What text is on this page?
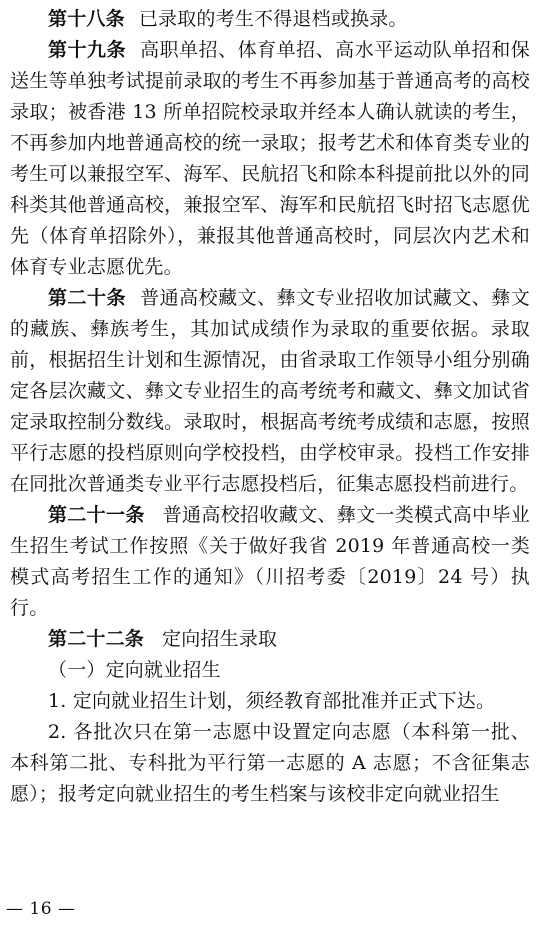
第十八条 已录取的考生不得退档或换录。

第十九条 高职单招、体育单招、高水平运动队单招和保送生等单独考试提前录取的考生不再参加基于普通高考的高校录取；被香港 13 所单招院校录取并经本人确认就读的考生，不再参加内地普通高校的统一录取；报考艺术和体育类专业的考生可以兼报空军、海军、民航招飞和除本科提前批以外的同科类其他普通高校，兼报空军、海军和民航招飞时招飞志愿优先（体育单招除外），兼报其他普通高校时，同层次内艺术和体育专业志愿优先。

第二十条 普通高校藏文、彝文专业招收加试藏文、彝文的藏族、彝族考生，其加试成绩作为录取的重要依据。录取前，根据招生计划和生源情况，由省录取工作领导小组分别确定各层次藏文、彝文专业招生的高考统考和藏文、彝文加试省定录取控制分数线。录取时，根据高考统考成绩和志愿，按照平行志愿的投档原则向学校投档，由学校审录。投档工作安排在同批次普通类专业平行志愿投档后，征集志愿投档前进行。

第二十一条 普通高校招收藏文、彝文一类模式高中毕业生招生考试工作按照《关于做好我省 2019 年普通高校一类模式高考招生工作的通知》（川招考委〔2019〕24 号）执行。

第二十二条 定向招生录取

（一）定向就业招生

1. 定向就业招生计划，须经教育部批准并正式下达。

2. 各批次只在第一志愿中设置定向志愿（本科第一批、本科第二批、专科批为平行第一志愿的 A 志愿；不含征集志愿）；报考定向就业招生的考生档案与该校非定向就业招生

— 16 —
